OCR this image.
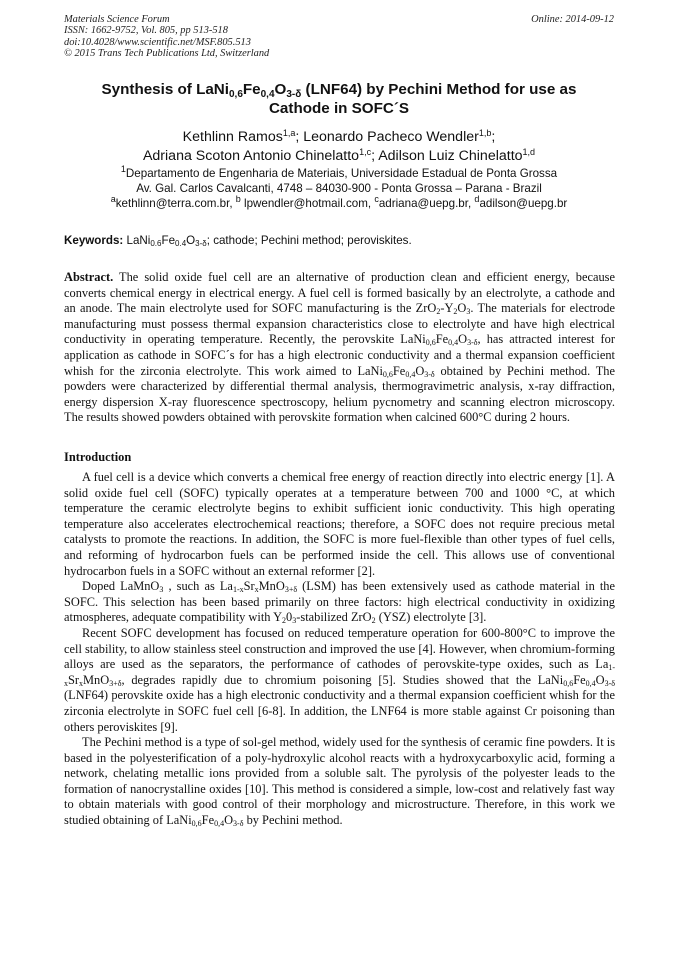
Materials Science Forum
ISSN: 1662-9752, Vol. 805, pp 513-518
doi:10.4028/www.scientific.net/MSF.805.513
© 2015 Trans Tech Publications Ltd, Switzerland
Online: 2014-09-12
Synthesis of $LaNi_{0,6}Fe_{0,4}O_{3-\delta}$ (LNF64) by Pechini Method for use as
Cathode in SOFC´S
Kethlinn Ramos$^{1,a}$; Leonardo Pacheco Wendler$^{1,b}$;
Adriana Scoton Antonio Chinelatto$^{1,c}$; Adilson Luiz Chinelatto$^{1,d}$
$^1$Departamento de Engenharia de Materiais, Universidade Estadual de Ponta Grossa
Av. Gal. Carlos Cavalcanti, 4748 – 84030-900 - Ponta Grossa – Parana - Brazil
$^a$kethlinn@terra.com.br, $^b$ lpwendler@hotmail.com, $^c$adriana@uepg.br, $^d$adilson@uepg.br
Keywords: $LaNi_{0.6}Fe_{0.4}O_{3-\delta}$; cathode; Pechini method; peroviskites.

Abstract. The solid oxide fuel cell are an alternative of production clean and efficient energy, because converts chemical energy in electrical energy. A fuel cell is formed basically by an electrolyte, a cathode and an anode. The main electrolyte used for SOFC manufacturing is the $ZrO_2-Y_2O_3$. The materials for electrode manufacturing must possess thermal expansion characteristics close to electrolyte and have high electrical conductivity in operating temperature. Recently, the perovskite $LaNi_{0,6}Fe_{0,4}O_{3-\delta}$, has attracted interest for application as cathode in SOFC´s for has a high electronic conductivity and a thermal expansion coefficient whish for the zirconia electrolyte. This work aimed to $LaNi_{0,6}Fe_{0,4}O_{3-\delta}$ obtained by Pechini method. The powders were characterized by differential thermal analysis, thermogravimetric analysis, x-ray diffraction, energy dispersion X-ray fluorescence spectroscopy, helium pycnometry and scanning electron microscopy. The results showed powders obtained with perovskite formation when calcined 600°C during 2 hours.

Introduction

A fuel cell is a device which converts a chemical free energy of reaction directly into electric energy [1]. A solid oxide fuel cell (SOFC) typically operates at a temperature between 700 and 1000 °C, at which temperature the ceramic electrolyte begins to exhibit sufficient ionic conductivity. This high operating temperature also accelerates electrochemical reactions; therefore, a SOFC does not require precious metal catalysts to promote the reactions. In addition, the SOFC is more fuel-flexible than other types of fuel cells, and reforming of hydrocarbon fuels can be performed inside the cell. This allows use of conventional hydrocarbon fuels in a SOFC without an external reformer [2].

Doped LaMnO$_3$ , such as $La_{1-x}Sr_xMnO_{3+\delta}$ (LSM) has been extensively used as cathode material in the SOFC. This selection has been based primarily on three factors: high electrical conductivity in oxidizing atmospheres, adequate compatibility with $Y_20_3$-stabilized ZrO$_2$ (YSZ) electrolyte [3].

Recent SOFC development has focused on reduced temperature operation for 600-800°C to improve the cell stability, to allow stainless steel construction and improved the use [4]. However, when chromium-forming alloys are used as the separators, the performance of cathodes of perovskite-type oxides, such as $La_{1-x}Sr_xMnO_{3+\delta}$, degrades rapidly due to chromium poisoning [5]. Studies showed that the $LaNi_{0,6}Fe_{0,4}O_{3-\delta}$ (LNF64) perovskite oxide has a high electronic conductivity and a thermal expansion coefficient whish for the zirconia electrolyte in SOFC fuel cell [6-8]. In addition, the LNF64 is more stable against Cr poisoning than others peroviskites [9].

The Pechini method is a type of sol-gel method, widely used for the synthesis of ceramic fine powders. It is based in the polyesterification of a poly-hydroxylic alcohol reacts with a hydroxycarboxylic acid, forming a network, chelating metallic ions provided from a soluble salt. The pyrolysis of the polyester leads to the formation of nanocrystalline oxides [10]. This method is considered a simple, low-cost and relatively fast way to obtain materials with good control of their morphology and microstructure. Therefore, in this work we studied obtaining of $LaNi_{0,6}Fe_{0,4}O_{3-\delta}$ by Pechini method.
